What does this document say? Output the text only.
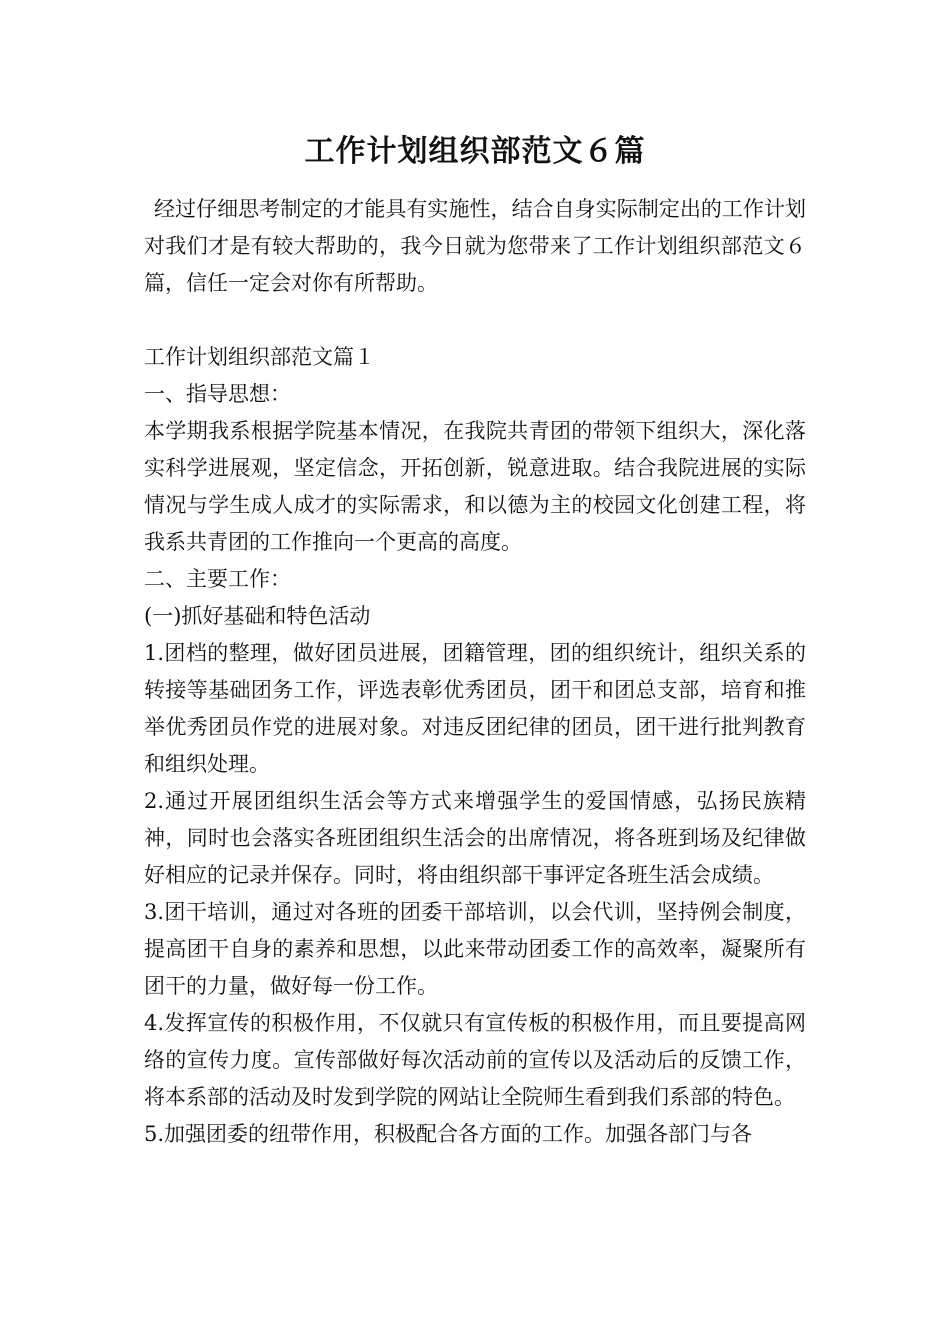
工作计划组织部范文６篇

经过仔细思考制定的才能具有实施性，结合自身实际制定出的工作计划对我们才是有较大帮助的，我今日就为您带来了工作计划组织部范文６篇，信任一定会对你有所帮助。

工作计划组织部范文篇１

一、指导思想：

本学期我系根据学院基本情况，在我院共青团的带领下组织大，深化落实科学进展观，坚定信念，开拓创新，锐意进取。结合我院进展的实际情况与学生成人成才的实际需求，和以德为主的校园文化创建工程，将我系共青团的工作推向一个更高的高度。

二、主要工作：

(一)抓好基础和特色活动

1.团档的整理，做好团员进展，团籍管理，团的组织统计，组织关系的转接等基础团务工作，评选表彰优秀团员，团干和团总支部，培育和推举优秀团员作党的进展对象。对违反团纪律的团员，团干进行批判教育和组织处理。

2.通过开展团组织生活会等方式来增强学生的爱国情感，弘扬民族精神，同时也会落实各班团组织生活会的出席情况，将各班到场及纪律做好相应的记录并保存。同时，将由组织部干事评定各班生活会成绩。

3.团干培训，通过对各班的团委干部培训，以会代训，坚持例会制度，提高团干自身的素养和思想，以此来带动团委工作的高效率，凝聚所有团干的力量，做好每一份工作。

4.发挥宣传的积极作用，不仅就只有宣传板的积极作用，而且要提高网络的宣传力度。宣传部做好每次活动前的宣传以及活动后的反馈工作，将本系部的活动及时发到学院的网站让全院师生看到我们系部的特色。

5.加强团委的纽带作用，积极配合各方面的工作。加强各部门与各
